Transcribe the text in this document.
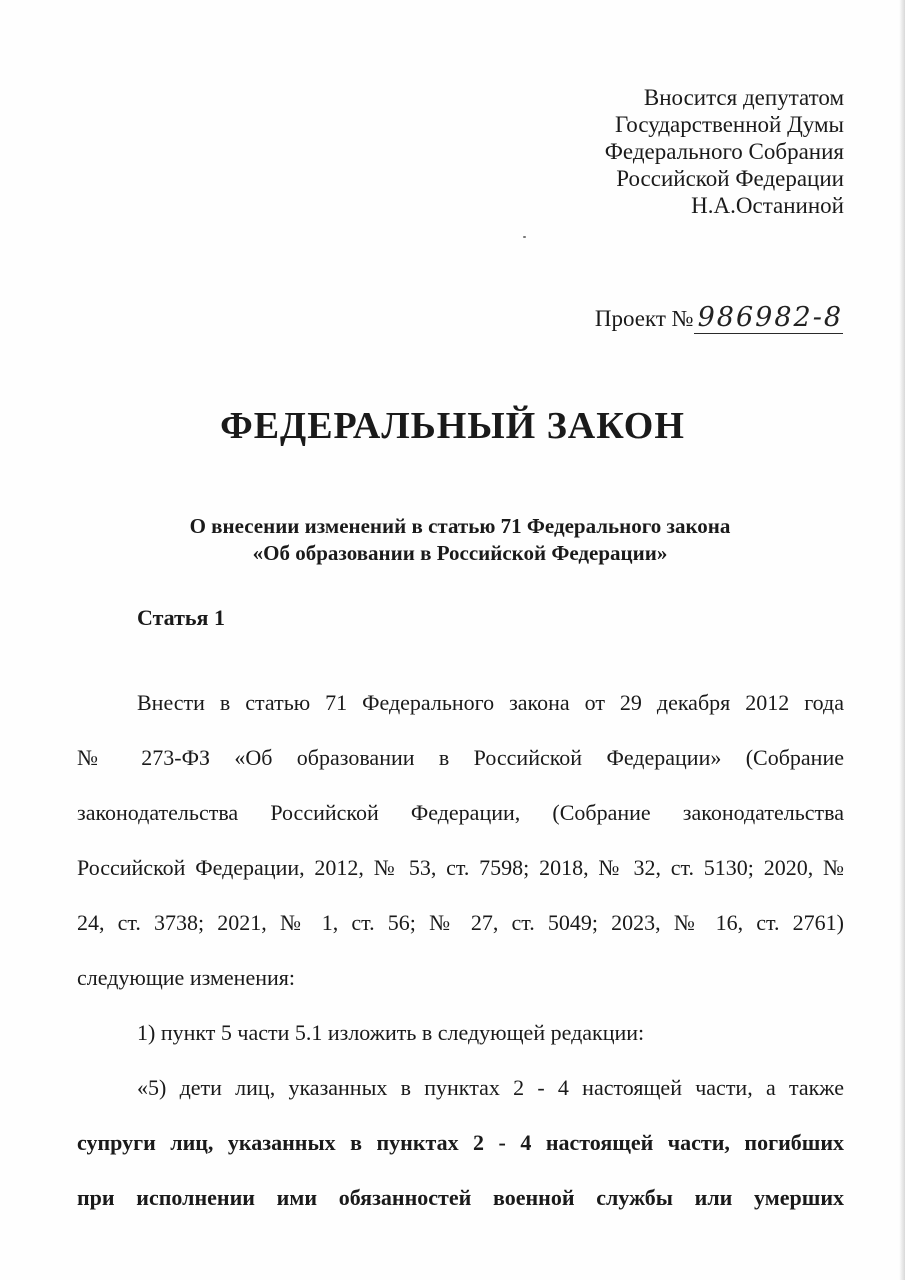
Вносится депутатом
Государственной Думы
Федерального Собрания
Российской Федерации
Н.А.Останиной
Проект № 986982-8
ФЕДЕРАЛЬНЫЙ ЗАКОН
О внесении изменений в статью 71 Федерального закона
«Об образовании в Российской Федерации»
Статья 1
Внести в статью 71 Федерального закона от 29 декабря 2012 года
№ 273-ФЗ «Об образовании в Российской Федерации» (Собрание
законодательства Российской Федерации, (Собрание законодательства
Российской Федерации, 2012, № 53, ст. 7598; 2018, № 32, ст. 5130; 2020, №
24, ст. 3738; 2021, № 1, ст. 56; № 27, ст. 5049; 2023, № 16, ст. 2761)
следующие изменения:
1) пункт 5 части 5.1 изложить в следующей редакции:
«5) дети лиц, указанных в пунктах 2 - 4 настоящей части, а также
супруги лиц, указанных в пунктах 2 - 4 настоящей части, погибших
при исполнении ими обязанностей военной службы или умерших
